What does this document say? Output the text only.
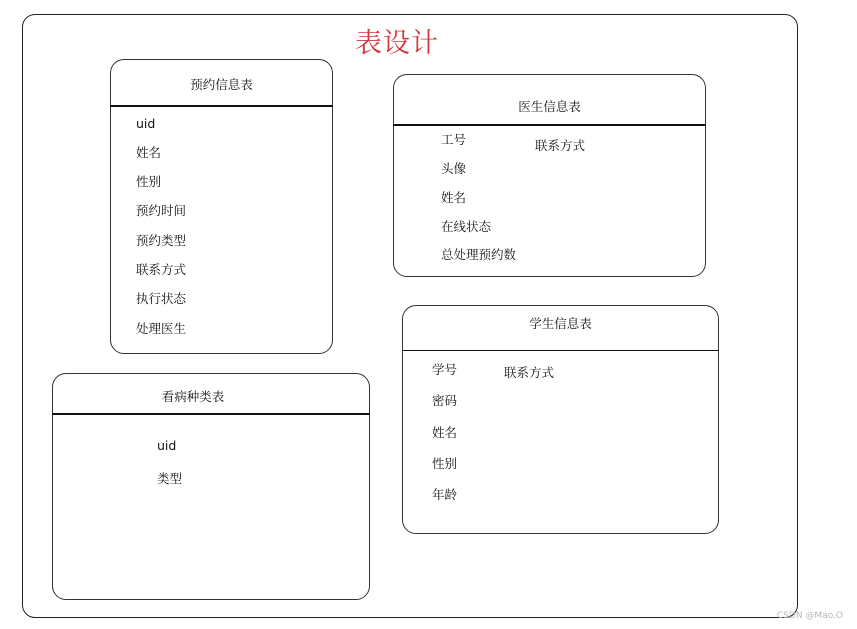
表设计
预约信息表
uid
姓名
性别
预约时间
预约类型
联系方式
执行状态
处理医生
医生信息表
工号
头像
姓名
在线状态
总处理预约数
联系方式
学生信息表
学号
密码
姓名
性别
年龄
联系方式
看病种类表
uid
类型
CSDN @Mao.O
